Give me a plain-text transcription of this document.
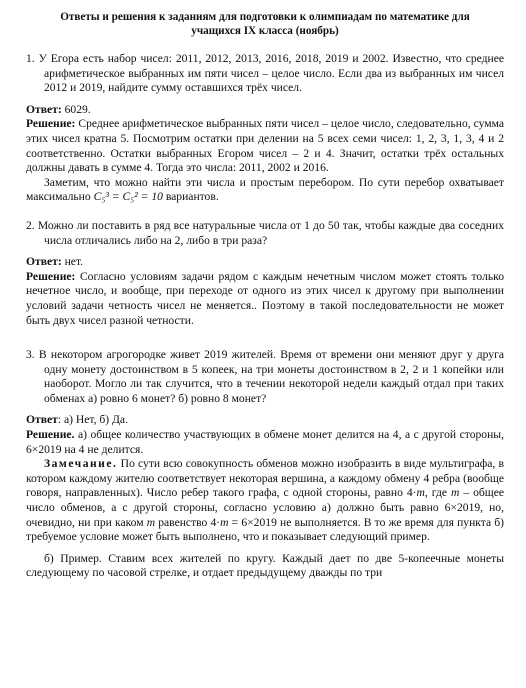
Ответы и решения к заданиям для подготовки к олимпиадам по математике для
учащихся IX класса (ноябрь)

1. У Егора есть набор чисел: 2011, 2012, 2013, 2016, 2018, 2019 и 2002. Известно, что среднее арифметическое выбранных им пяти чисел – целое число. Если два из выбранных им чисел 2012 и 2019, найдите сумму оставшихся трёх чисел.

Ответ: 6029.

Решение: Среднее арифметическое выбранных пяти чисел – целое число, следовательно, сумма этих чисел кратна 5. Посмотрим остатки при делении на 5 всех семи чисел: 1, 2, 3, 1, 3, 4 и 2 соответственно. Остатки выбранных Егором чисел – 2 и 4. Значит, остатки трёх остальных должны давать в сумме 4. Тогда это числа: 2011, 2002 и 2016.

Заметим, что можно найти эти числа и простым перебором. По сути перебор охватывает максимально C₅³ = C₅² = 10 вариантов.

2. Можно ли поставить в ряд все натуральные числа от 1 до 50 так, чтобы каждые два соседних числа отличались либо на 2, либо в три раза?

Ответ: нет.

Решение: Согласно условиям задачи рядом с каждым нечетным числом может стоять только нечетное число, и вообще, при переходе от одного из этих чисел к другому при выполнении условий задачи четность чисел не меняется.. Поэтому в такой последовательности не может быть двух чисел разной четности.

3. В некотором агрогородке живет 2019 жителей. Время от времени они меняют друг у друга одну монету достоинством в 5 копеек, на три монеты достоинством в 2, 2 и 1 копейки или наоборот. Могло ли так случится, что в течении некоторой недели каждый отдал при таких обменах а) ровно 6 монет? б) ровно 8 монет?

Ответ: а) Нет, б) Да.

Решение. а) общее количество участвующих в обмене монет делится на 4, а с другой стороны, 6×2019 на 4 не делится.

Замечание. По сути всю совокупность обменов можно изобразить в виде мультиграфа, в котором каждому жителю соответствует некоторая вершина, а каждому обмену 4 ребра (вообще говоря, направленных). Число ребер такого графа, с одной стороны, равно 4·m, где m – общее число обменов, а с другой стороны, согласно условию а) должно быть равно 6×2019, но, очевидно, ни при каком m равенство 4·m = 6×2019 не выполняется. В то же время для пункта б) требуемое условие может быть выполнено, что и показывает следующий пример.

б) Пример. Ставим всех жителей по кругу. Каждый дает по две 5-копеечные монеты следующему по часовой стрелке, и отдает предыдущему дважды по три
